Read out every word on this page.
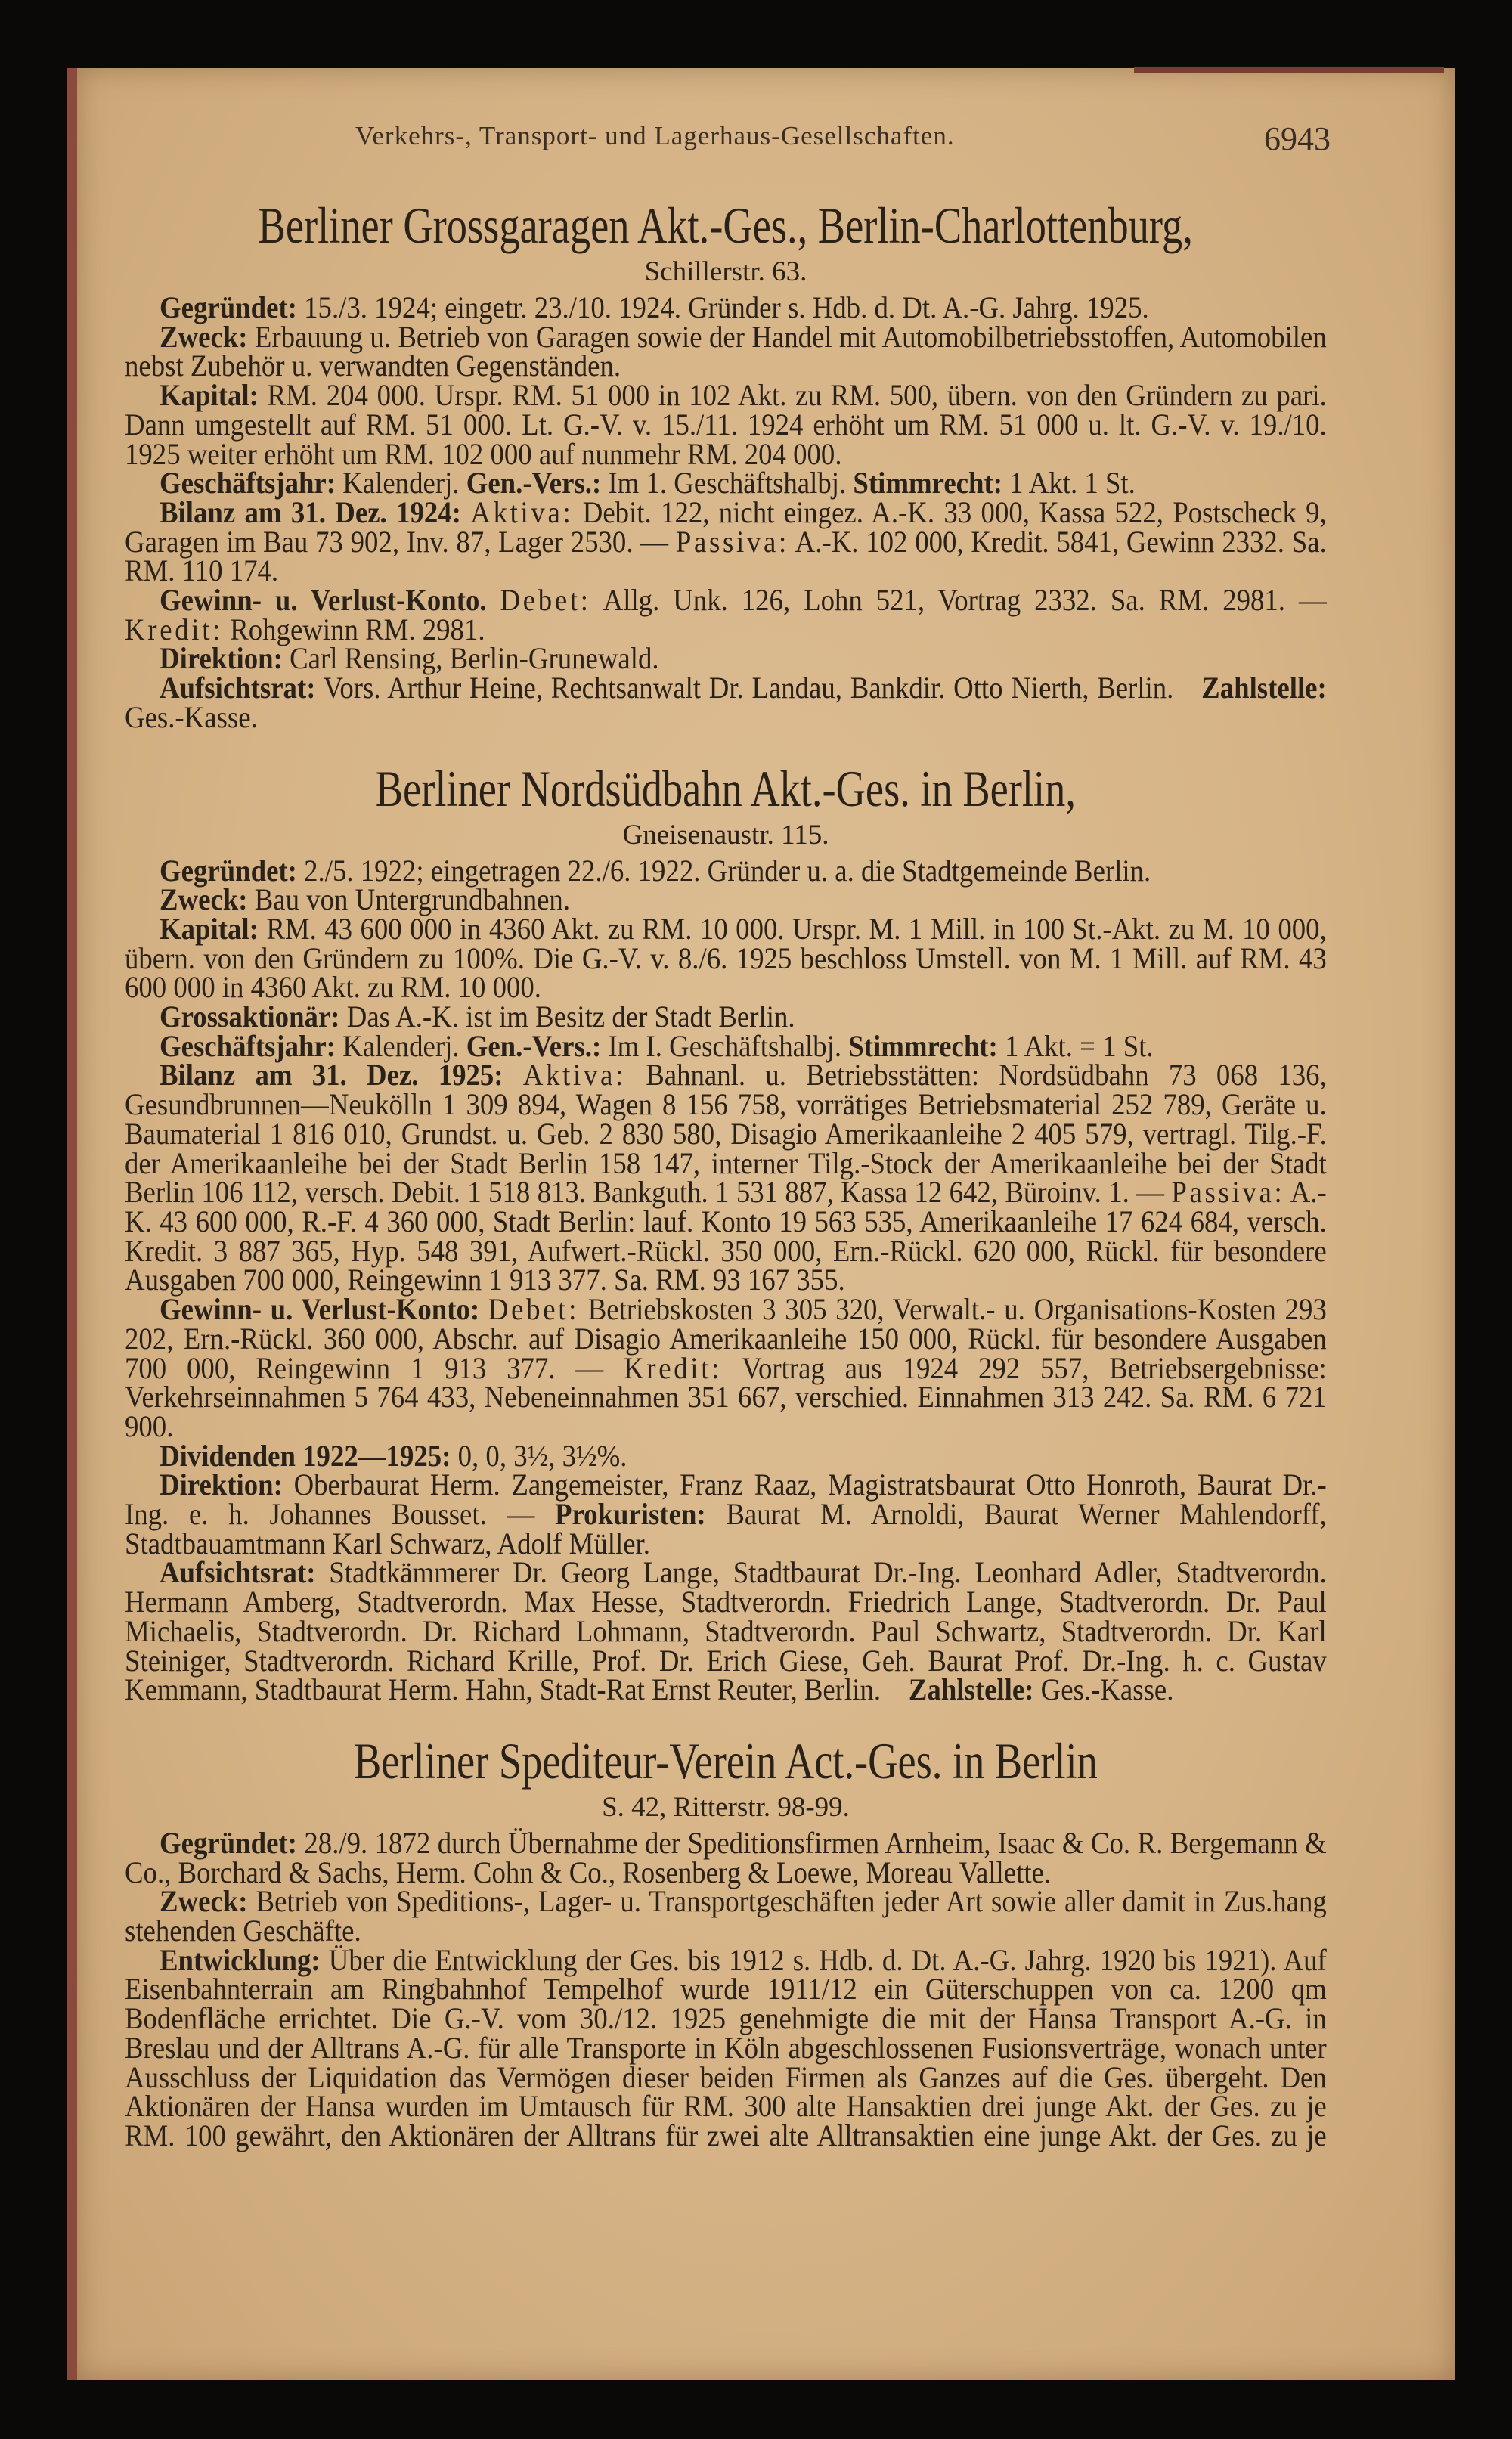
Verkehrs-, Transport- und Lagerhaus-Gesellschaften.	6943
Berliner Grossgaragen Akt.-Ges., Berlin-Charlottenburg,
Schillerstr. 63.

Gegründet: 15./3. 1924; eingetr. 23./10. 1924. Gründer s. Hdb. d. Dt. A.-G. Jahrg. 1925.

Zweck: Erbauung u. Betrieb von Garagen sowie der Handel mit Automobilbetriebsstoffen, Automobilen nebst Zubehör u. verwandten Gegenständen.

Kapital: RM. 204 000. Urspr. RM. 51 000 in 102 Akt. zu RM. 500, übern. von den Gründern zu pari. Dann umgestellt auf RM. 51 000. Lt. G.-V. v. 15./11. 1924 erhöht um RM. 51 000 u. lt. G.-V. v. 19./10. 1925 weiter erhöht um RM. 102 000 auf nunmehr RM. 204 000.

Geschäftsjahr: Kalenderj. Gen.-Vers.: Im 1. Geschäftshalbj. Stimmrecht: 1 Akt. 1 St.

Bilanz am 31. Dez. 1924: Aktiva: Debit. 122, nicht eingez. A.-K. 33 000, Kassa 522, Postscheck 9, Garagen im Bau 73 902, Inv. 87, Lager 2530. — Passiva: A.-K. 102 000, Kredit. 5841, Gewinn 2332. Sa. RM. 110 174.

Gewinn- u. Verlust-Konto. Debet: Allg. Unk. 126, Lohn 521, Vortrag 2332. Sa. RM. 2981. — Kredit: Rohgewinn RM. 2981.

Direktion: Carl Rensing, Berlin-Grunewald.

Aufsichtsrat: Vors. Arthur Heine, Rechtsanwalt Dr. Landau, Bankdir. Otto Nierth, Berlin. Zahlstelle: Ges.-Kasse.

Berliner Nordsüdbahn Akt.-Ges. in Berlin,
Gneisenaustr. 115.

Gegründet: 2./5. 1922; eingetragen 22./6. 1922. Gründer u. a. die Stadtgemeinde Berlin.

Zweck: Bau von Untergrundbahnen.

Kapital: RM. 43 600 000 in 4360 Akt. zu RM. 10 000. Urspr. M. 1 Mill. in 100 St.-Akt. zu M. 10 000, übern. von den Gründern zu 100%. Die G.-V. v. 8./6. 1925 beschloss Umstell. von M. 1 Mill. auf RM. 43 600 000 in 4360 Akt. zu RM. 10 000.

Grossaktionär: Das A.-K. ist im Besitz der Stadt Berlin.

Geschäftsjahr: Kalenderj. Gen.-Vers.: Im I. Geschäftshalbj. Stimmrecht: 1 Akt. = 1 St.

Bilanz am 31. Dez. 1925: Aktiva: Bahnanl. u. Betriebsstätten: Nordsüdbahn 73 068 136, Gesundbrunnen—Neukölln 1 309 894, Wagen 8 156 758, vorrätiges Betriebsmaterial 252 789, Geräte u. Baumaterial 1 816 010, Grundst. u. Geb. 2 830 580, Disagio Amerikaanleihe 2 405 579, vertragl. Tilg.-F. der Amerikaanleihe bei der Stadt Berlin 158 147, interner Tilg.-Stock der Amerikaanleihe bei der Stadt Berlin 106 112, versch. Debit. 1 518 813. Bankguth. 1 531 887, Kassa 12 642, Büroinv. 1. — Passiva: A.-K. 43 600 000, R.-F. 4 360 000, Stadt Berlin: lauf. Konto 19 563 535, Amerikaanleihe 17 624 684, versch. Kredit. 3 887 365, Hyp. 548 391, Aufwert.-Rückl. 350 000, Ern.-Rückl. 620 000, Rückl. für besondere Ausgaben 700 000, Reingewinn 1 913 377. Sa. RM. 93 167 355.

Gewinn- u. Verlust-Konto: Debet: Betriebskosten 3 305 320, Verwalt.- u. Organisations-Kosten 293 202, Ern.-Rückl. 360 000, Abschr. auf Disagio Amerikaanleihe 150 000, Rückl. für besondere Ausgaben 700 000, Reingewinn 1 913 377. — Kredit: Vortrag aus 1924 292 557, Betriebsergebnisse: Verkehrseinnahmen 5 764 433, Nebeneinnahmen 351 667, verschied. Einnahmen 313 242. Sa. RM. 6 721 900.

Dividenden 1922—1925: 0, 0, 3½, 3½%.

Direktion: Oberbaurat Herm. Zangemeister, Franz Raaz, Magistratsbaurat Otto Honroth, Baurat Dr.-Ing. e. h. Johannes Bousset. — Prokuristen: Baurat M. Arnoldi, Baurat Werner Mahlendorff, Stadtbauamtmann Karl Schwarz, Adolf Müller.

Aufsichtsrat: Stadtkämmerer Dr. Georg Lange, Stadtbaurat Dr.-Ing. Leonhard Adler, Stadtverordn. Hermann Amberg, Stadtverordn. Max Hesse, Stadtverordn. Friedrich Lange, Stadtverordn. Dr. Paul Michaelis, Stadtverordn. Dr. Richard Lohmann, Stadtverordn. Paul Schwartz, Stadtverordn. Dr. Karl Steiniger, Stadtverordn. Richard Krille, Prof. Dr. Erich Giese, Geh. Baurat Prof. Dr.-Ing. h. c. Gustav Kemmann, Stadtbaurat Herm. Hahn, Stadt-Rat Ernst Reuter, Berlin. Zahlstelle: Ges.-Kasse.

Berliner Spediteur-Verein Act.-Ges. in Berlin
S. 42, Ritterstr. 98-99.

Gegründet: 28./9. 1872 durch Übernahme der Speditionsfirmen Arnheim, Isaac & Co. R. Bergemann & Co., Borchard & Sachs, Herm. Cohn & Co., Rosenberg & Loewe, Moreau Vallette.

Zweck: Betrieb von Speditions-, Lager- u. Transportgeschäften jeder Art sowie aller damit in Zus.hang stehenden Geschäfte.

Entwicklung: Über die Entwicklung der Ges. bis 1912 s. Hdb. d. Dt. A.-G. Jahrg. 1920 bis 1921). Auf Eisenbahnterrain am Ringbahnhof Tempelhof wurde 1911/12 ein Güterschuppen von ca. 1200 qm Bodenfläche errichtet. Die G.-V. vom 30./12. 1925 genehmigte die mit der Hansa Transport A.-G. in Breslau und der Alltrans A.-G. für alle Transporte in Köln abgeschlossenen Fusionsverträge, wonach unter Ausschluss der Liquidation das Vermögen dieser beiden Firmen als Ganzes auf die Ges. übergeht. Den Aktionären der Hansa wurden im Umtausch für RM. 300 alte Hansaktien drei junge Akt. der Ges. zu je RM. 100 gewährt, den Aktionären der Alltrans für zwei alte Alltransaktien eine junge Akt. der Ges. zu je
